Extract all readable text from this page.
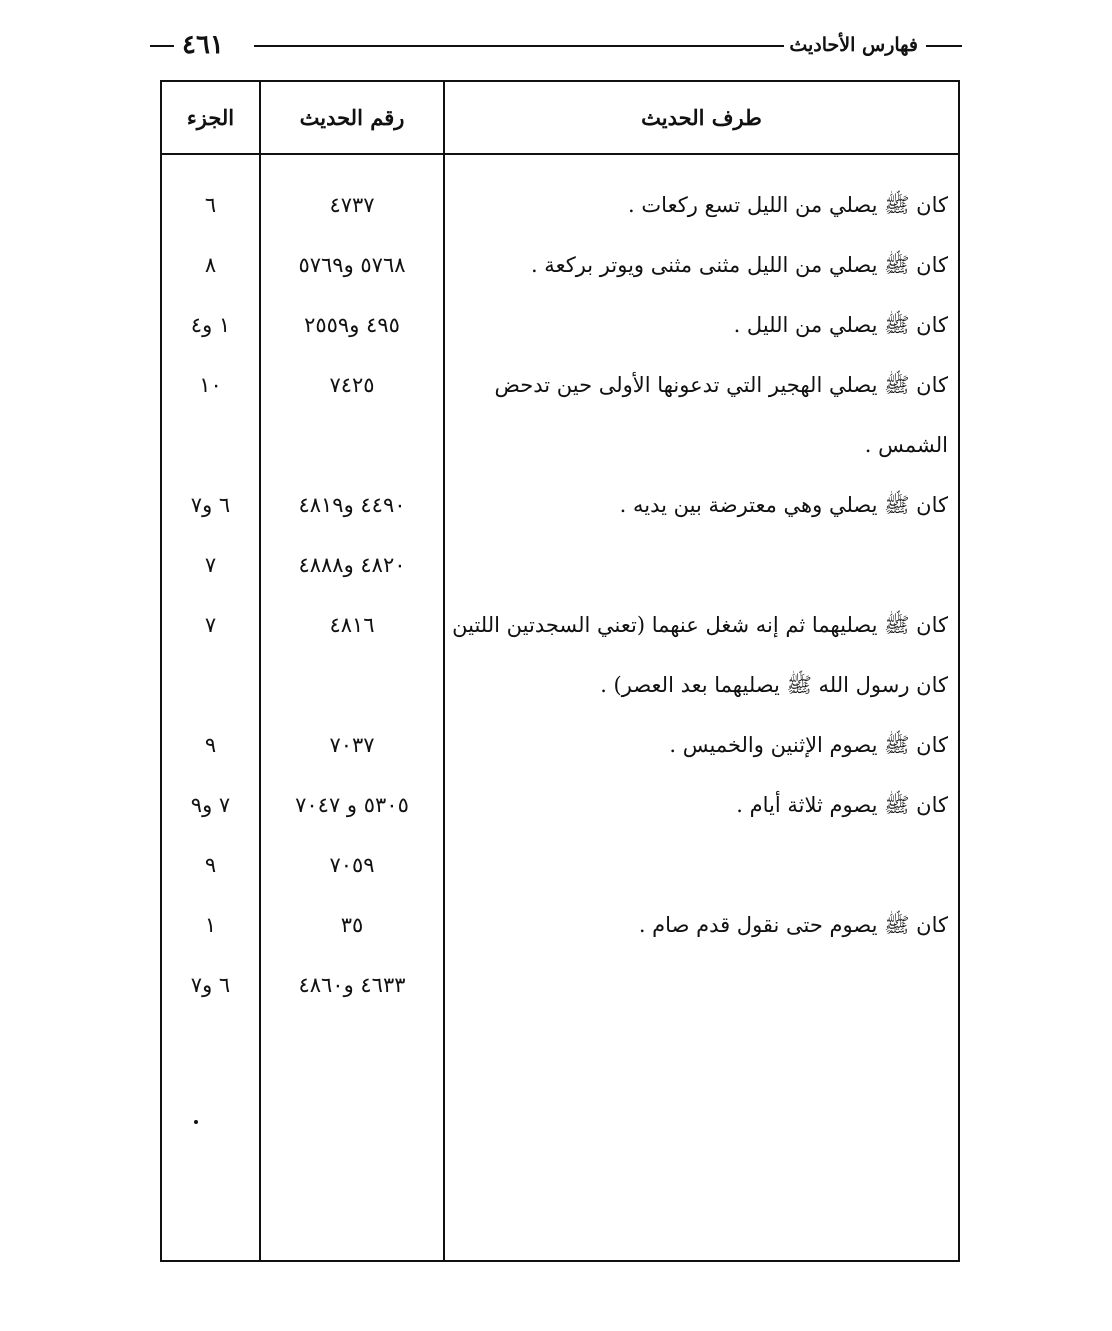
فهارس الأحاديث
٤٦١
طرف الحديث
رقم الحديث
الجزء
كان ﷺ يصلي من الليل تسع ركعات .
٤٧٣٧
٦
كان ﷺ يصلي من الليل مثنى مثنى ويوتر بركعة .
٥٧٦٨ و٥٧٦٩
٨
كان ﷺ يصلي من الليل .
٤٩٥ و٢٥٥٩
١ و٤
كان ﷺ يصلي الهجير التي تدعونها الأولى حين تدحض الشمس .
٧٤٢٥
١٠
كان ﷺ يصلي وهي معترضة بين يديه .
٤٤٩٠ و٤٨١٩
٦ و٧

٤٨٢٠ و٤٨٨٨
٧
كان ﷺ يصليهما ثم إنه شغل عنهما (تعني السجدتين اللتين كان رسول الله ﷺ يصليهما بعد العصر) .
٤٨١٦
٧
كان ﷺ يصوم الإثنين والخميس .
٧٠٣٧
٩
كان ﷺ يصوم ثلاثة أيام .
٥٣٠٥ و ٧٠٤٧
٧ و٩

٧٠٥٩
٩
كان ﷺ يصوم حتى نقول قدم صام .
٣٥
١

٤٦٣٣ و٤٨٦٠
٦ و٧
